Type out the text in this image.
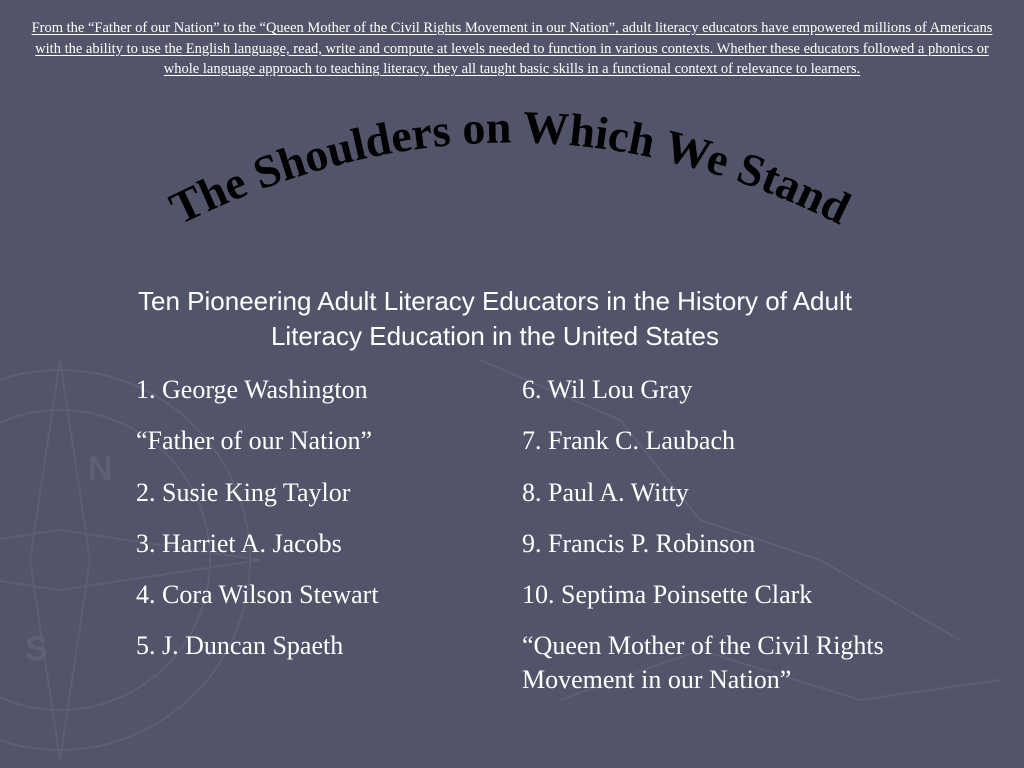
N
S
From the “Father of our Nation” to the “Queen Mother of the Civil Rights Movement in our Nation”, adult literacy educators have empowered millions of Americans with the ability to use the English language, read, write and compute at levels needed to function in various contexts. Whether these educators followed a phonics or whole language approach to teaching literacy, they all taught basic skills in a functional context of relevance to learners.
The Shoulders on Which We Stand
Ten Pioneering Adult Literacy Educators in the History of Adult Literacy Education in the United States
1. George Washington
“Father of our Nation”
2. Susie King Taylor
3. Harriet A. Jacobs
4. Cora Wilson Stewart
5. J. Duncan Spaeth
6. Wil Lou Gray
7. Frank C. Laubach
8. Paul A. Witty
9. Francis P. Robinson
10. Septima Poinsette Clark
“Queen Mother of the Civil Rights Movement in our Nation”
